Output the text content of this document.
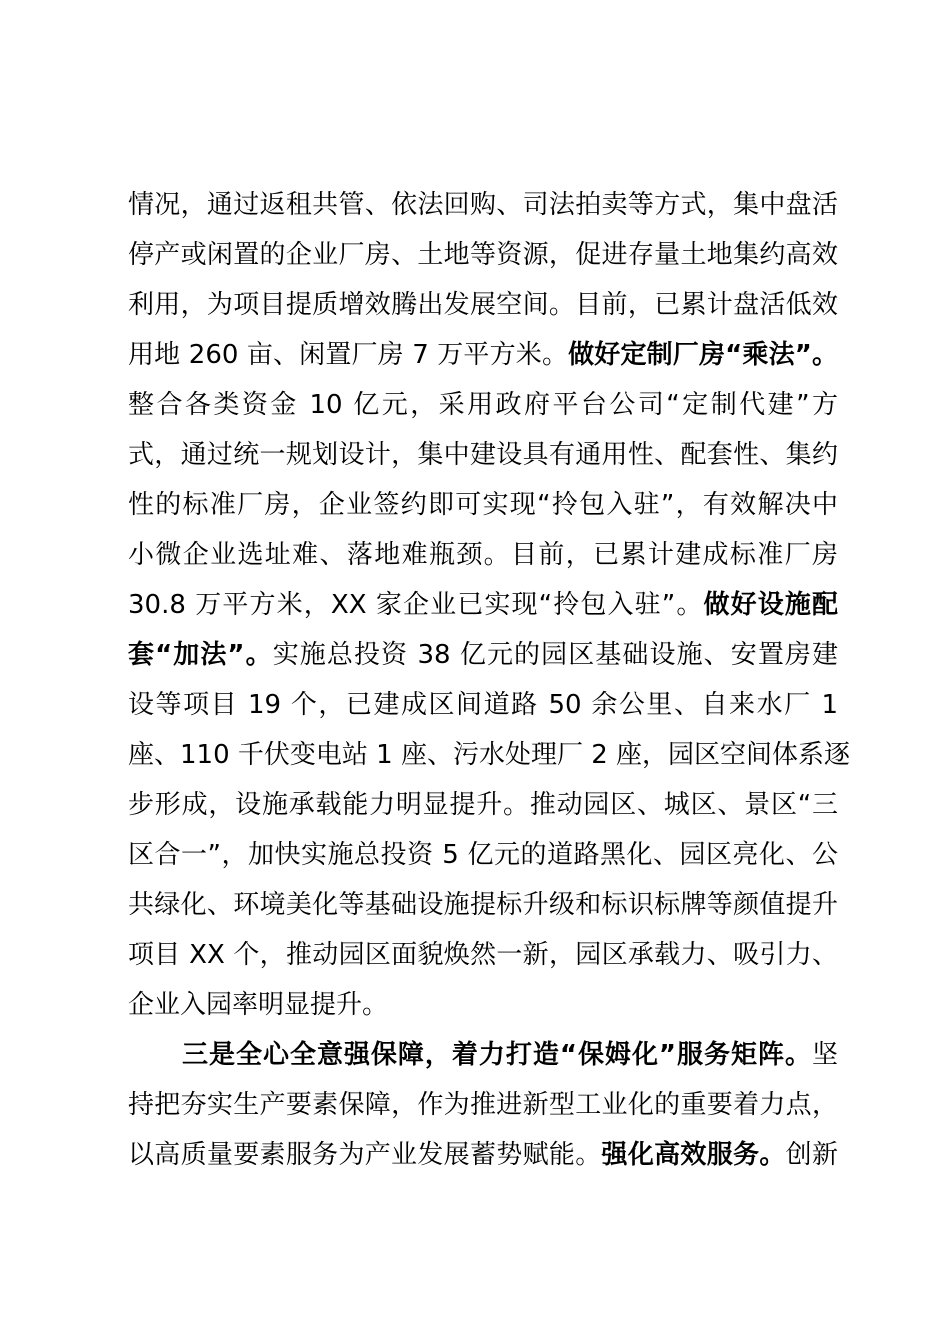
情况，通过返租共管、依法回购、司法拍卖等方式，集中盘活
停产或闲置的企业厂房、土地等资源，促进存量土地集约高效
利用，为项目提质增效腾出发展空间。目前，已累计盘活低效
用地 260 亩、闲置厂房 7 万平方米。做好定制厂房“乘法”。
整合各类资金 10 亿元，采用政府平台公司“定制代建”方
式，通过统一规划设计，集中建设具有通用性、配套性、集约
性的标准厂房，企业签约即可实现“拎包入驻”，有效解决中
小微企业选址难、落地难瓶颈。目前，已累计建成标准厂房
30.8 万平方米，XX 家企业已实现“拎包入驻”。做好设施配
套“加法”。实施总投资 38 亿元的园区基础设施、安置房建
设等项目 19 个，已建成区间道路 50 余公里、自来水厂 1
座、110 千伏变电站 1 座、污水处理厂 2 座，园区空间体系逐
步形成，设施承载能力明显提升。推动园区、城区、景区“三
区合一”，加快实施总投资 5 亿元的道路黑化、园区亮化、公
共绿化、环境美化等基础设施提标升级和标识标牌等颜值提升
项目 XX 个，推动园区面貌焕然一新，园区承载力、吸引力、
企业入园率明显提升。
　　三是全心全意强保障，着力打造“保姆化”服务矩阵。坚
持把夯实生产要素保障，作为推进新型工业化的重要着力点，
以高质量要素服务为产业发展蓄势赋能。强化高效服务。创新
